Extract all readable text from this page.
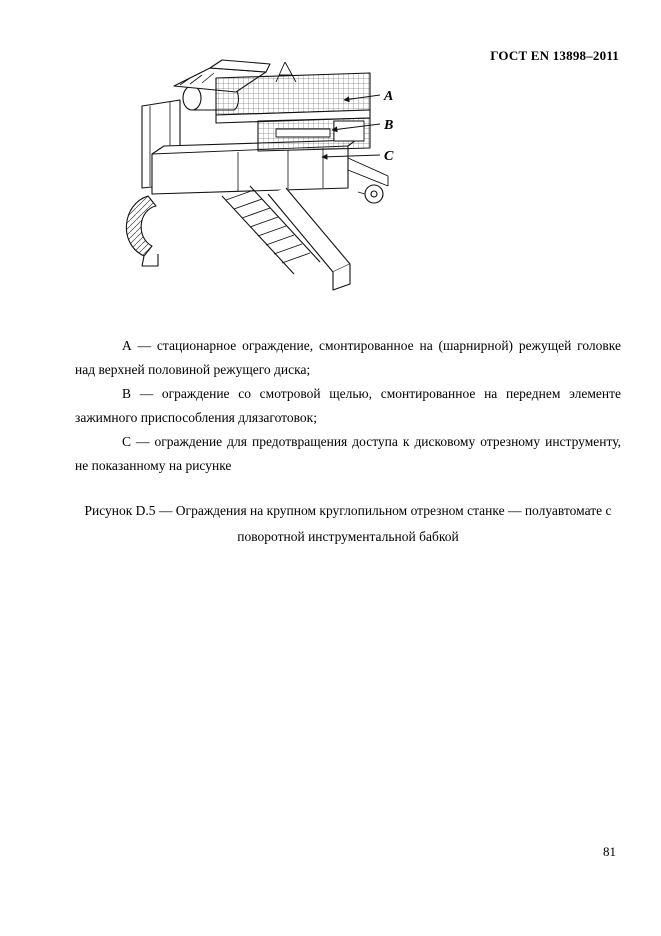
ГОСТ EN 13898–2011
А
В
С

А — стационарное ограждение, смонтированное на (шарнирной) режущей головке над верхней половиной режущего диска;

В — ограждение со смотровой щелью, смонтированное на переднем элементе зажимного приспособления длязаготовок;

С — ограждение для предотвращения доступа к дисковому отрезному инструменту, не показанному на рисунке

Рисунок D.5 — Ограждения на крупном круглопильном отрезном станке — полуавтомате с
поворотной инструментальной бабкой
81
